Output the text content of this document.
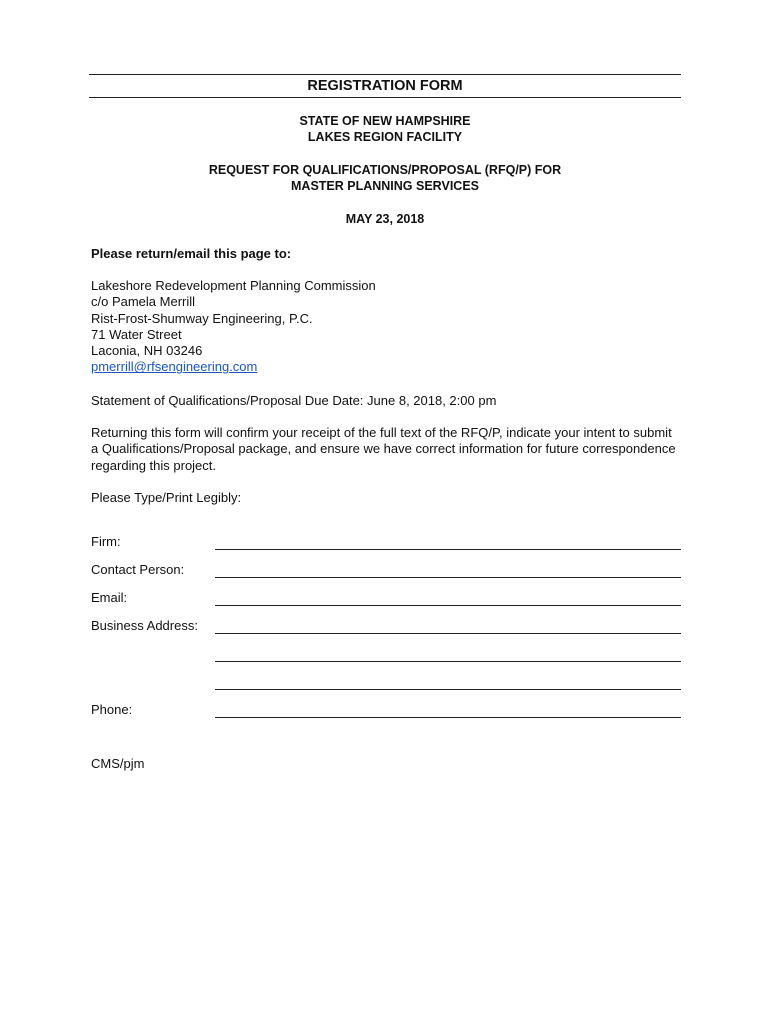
REGISTRATION FORM
STATE OF NEW HAMPSHIRE
LAKES REGION FACILITY
REQUEST FOR QUALIFICATIONS/PROPOSAL (RFQ/P) FOR
MASTER PLANNING SERVICES
MAY 23, 2018
Please return/email this page to:
Lakeshore Redevelopment Planning Commission
c/o Pamela Merrill
Rist-Frost-Shumway Engineering, P.C.
71 Water Street
Laconia, NH 03246
pmerrill@rfsengineering.com
Statement of Qualifications/Proposal Due Date: June 8, 2018, 2:00 pm
Returning this form will confirm your receipt of the full text of the RFQ/P, indicate your intent to submit
a Qualifications/Proposal package, and ensure we have correct information for future correspondence
regarding this project.
Please Type/Print Legibly:
Firm:
Contact Person:
Email:
Business Address:
Phone:
CMS/pjm
